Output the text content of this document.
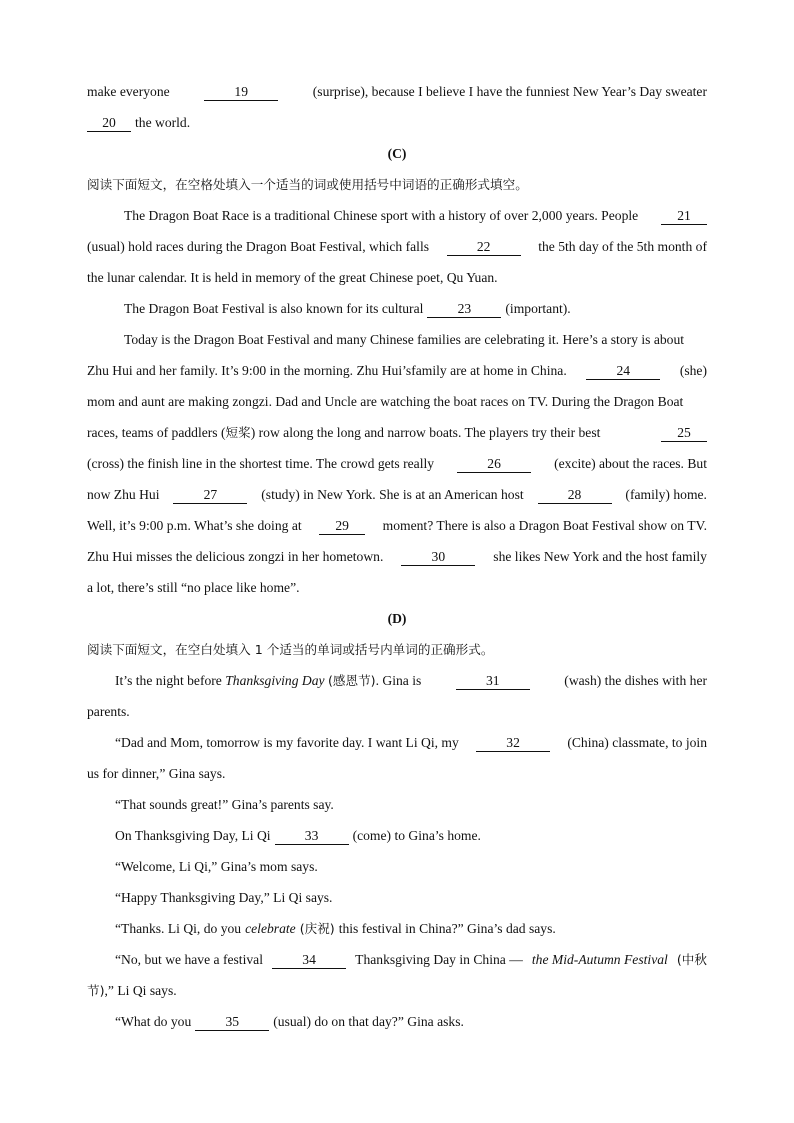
make everyone	19	(surprise), because I believe I have the funniest New Year’s Day sweater
20	the world.
(C)
阅读下面短文，在空格处填入一个适当的词或使用括号中词语的正确形式填空。
The Dragon Boat Race is a traditional Chinese sport with a history of over 2,000 years. People	21
(usual) hold races during the Dragon Boat Festival, which falls	22	the 5th day of the 5th month of
the lunar calendar. It is held in memory of the great Chinese poet, Qu Yuan.
The Dragon Boat Festival is also known for its cultural	23	(important).
Today is the Dragon Boat Festival and many Chinese families are celebrating it. Here’s a story is about
Zhu Hui and her family. It’s 9:00 in the morning. Zhu Hui’sfamily are at home in China.	24	(she)
mom and aunt are making zongzi. Dad and Uncle are watching the boat races on TV. During the Dragon Boat
races, teams of paddlers (短桨) row along the long and narrow boats. The players try their best	25
(cross) the finish line in the shortest time. The crowd gets really	26	(excite) about the races. But
now Zhu Hui	27	(study) in New York. She is at an American host	28	(family) home.
Well, it’s 9:00 p.m. What’s she doing at	29	moment? There is also a Dragon Boat Festival show on TV.
Zhu Hui misses the delicious zongzi in her hometown.	30	she likes New York and the host family
a lot, there’s still “no place like home”.
(D)
阅读下面短文，在空白处填入 1 个适当的单词或括号内单词的正确形式。
It’s the night before Thanksgiving Day (感恩节). Gina is	31	(wash) the dishes with her
parents.
“Dad and Mom, tomorrow is my favorite day. I want Li Qi, my	32	(China) classmate, to join
us for dinner,” Gina says.
“That sounds great!” Gina’s parents say.
On Thanksgiving Day, Li Qi	33	(come) to Gina’s home.
“Welcome, Li Qi,” Gina’s mom says.
“Happy Thanksgiving Day,” Li Qi says.
“Thanks. Li Qi, do you celebrate (庆祝) this festival in China?” Gina’s dad says.
“No, but we have a festival	34	Thanksgiving Day in China — the Mid-Autumn Festival (中秋
节),” Li Qi says.
“What do you	35	(usual) do on that day?” Gina asks.
